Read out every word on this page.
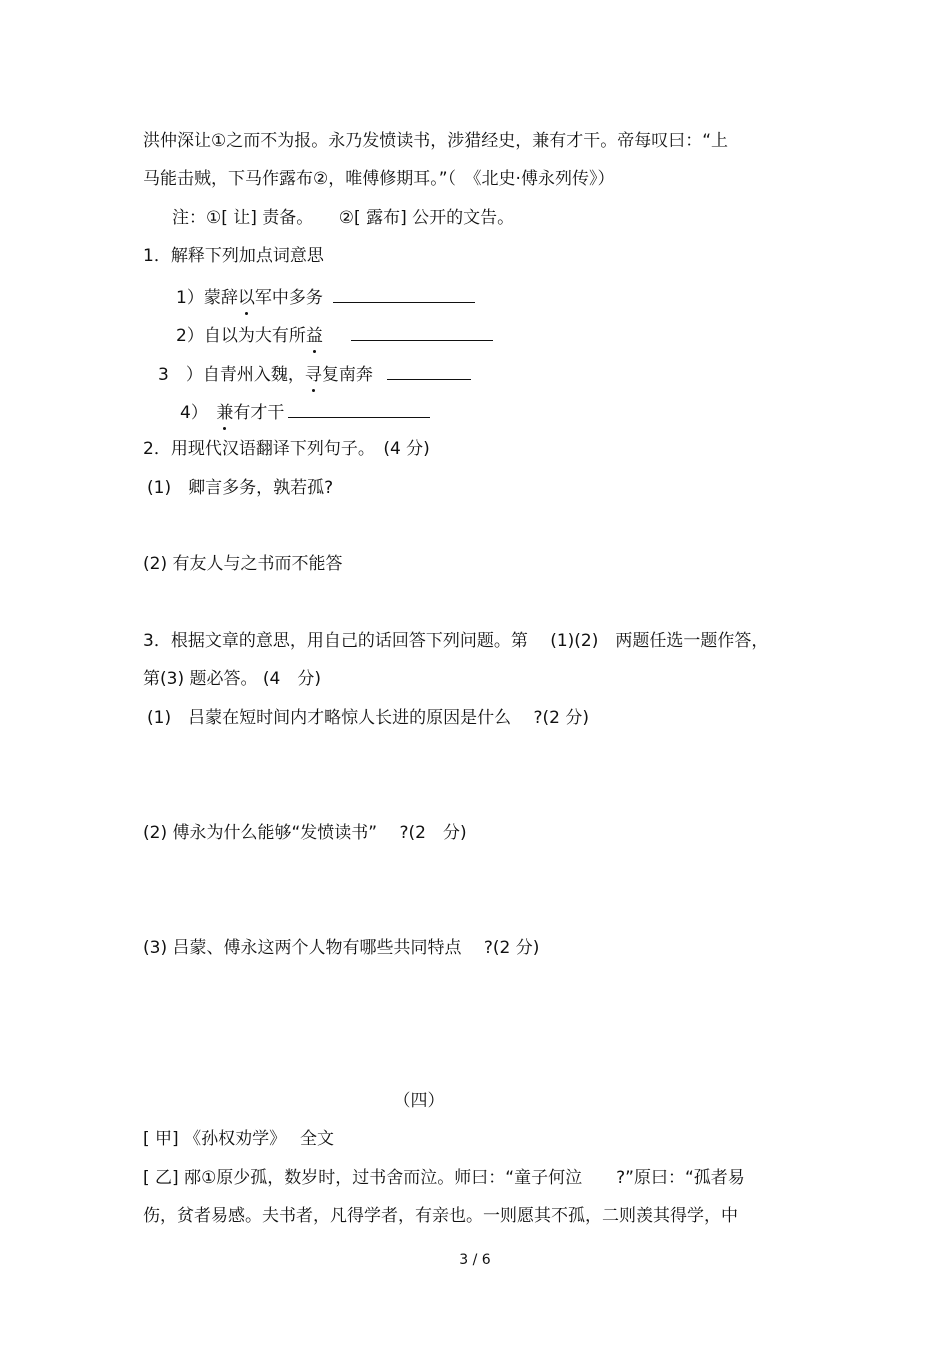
洪仲深让①之而不为报。永乃发愤读书，涉猎经史，兼有才干。帝每叹曰：“上
马能击贼，下马作露布②，唯傅修期耳。”（　《北史·傅永列传》）
注：①[ 让] 责备。　　②[ 露布] 公开的文告。
1．解释下列加点词意思
1）蒙辞以军中多务
2）自以为大有所益
3　）自青州入魏，寻复南奔
4）　兼有才干
2．用现代汉语翻译下列句子。　(4 分)
(1)　卿言多务，孰若孤?
(2) 有友人与之书而不能答
3．根据文章的意思，用自己的话回答下列问题。第　 (1)(2)　两题任选一题作答，
第(3) 题必答。 (4　分)
(1)　吕蒙在短时间内才略惊人长进的原因是什么　 ?(2 分)
(2) 傅永为什么能够“发愤读书”　 ?(2　分)
(3) 吕蒙、傅永这两个人物有哪些共同特点　 ?(2 分)
（四）
[ 甲] 《孙权劝学》　 全文
[ 乙] 邴①原少孤，数岁时，过书舍而泣。师曰：“童子何泣　　?”原曰：“孤者易
伤，贫者易感。夫书者，凡得学者，有亲也。一则愿其不孤，二则羡其得学，中
3 / 6
